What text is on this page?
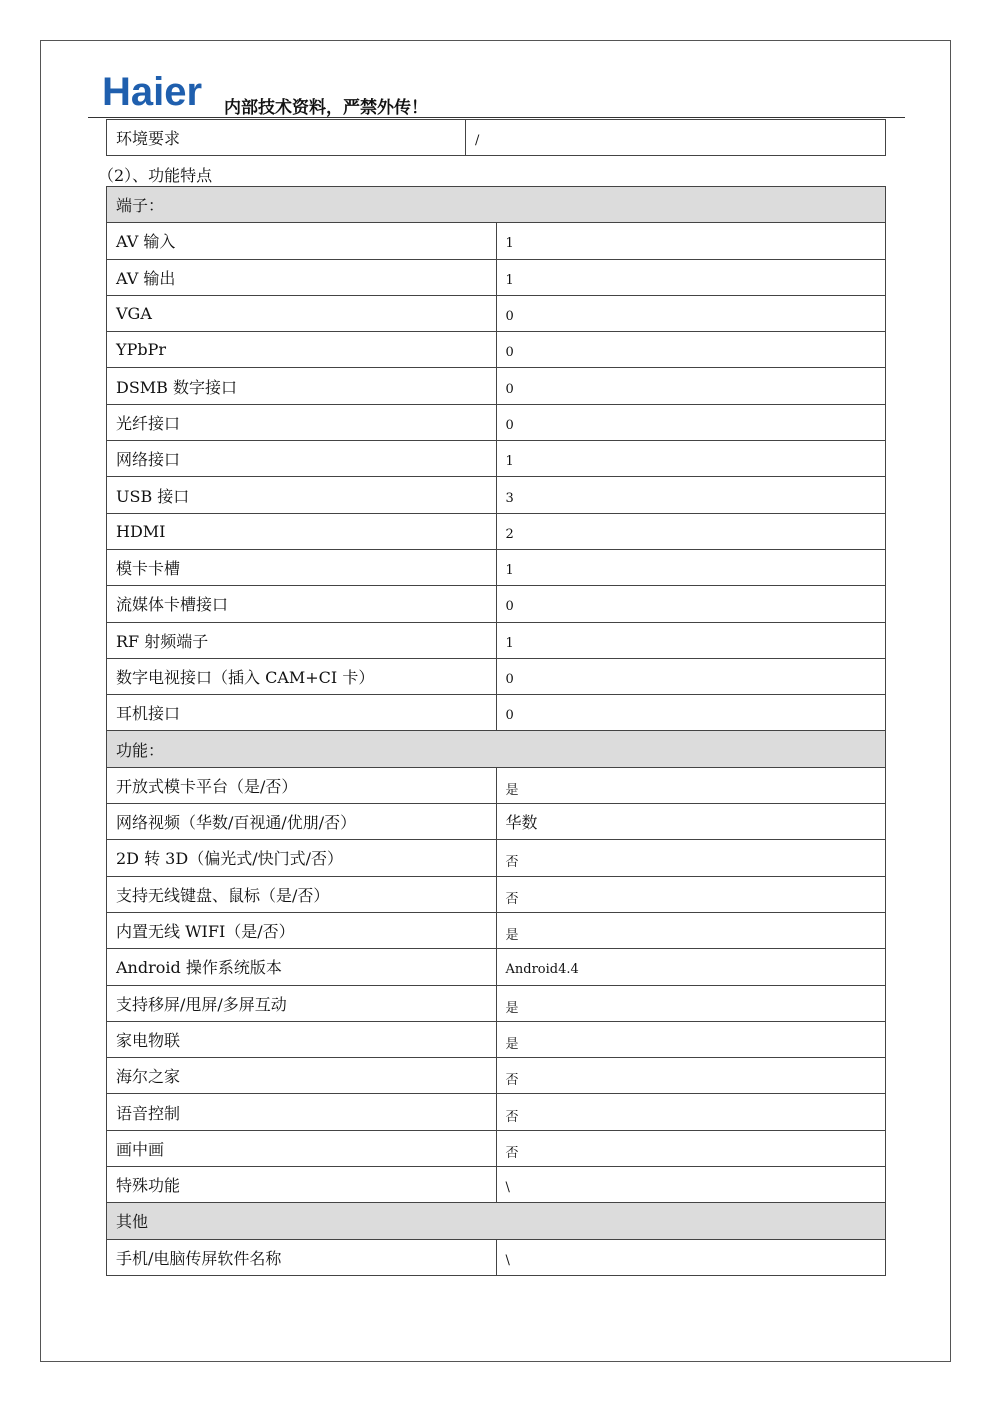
Haier 内部技术资料，严禁外传！
环境要求	/
（2）、功能特点
端子：	
AV 输入	1
AV 输出	1
VGA	0
YPbPr	0
DSMB 数字接口	0
光纤接口	0
网络接口	1
USB 接口	3
HDMI	2
模卡卡槽	1
流媒体卡槽接口	0
RF 射频端子	1
数字电视接口（插入 CAM+CI 卡）	0
耳机接口	0
功能：	
开放式模卡平台（是/否）	是
网络视频（华数/百视通/优朋/否）	华数
2D 转 3D（偏光式/快门式/否）	否
支持无线键盘、鼠标（是/否）	否
内置无线 WIFI（是/否）	是
Android 操作系统版本	Android4.4
支持移屏/甩屏/多屏互动	是
家电物联	是
海尔之家	否
语音控制	否
画中画	否
特殊功能	\
其他	
手机/电脑传屏软件名称	\
